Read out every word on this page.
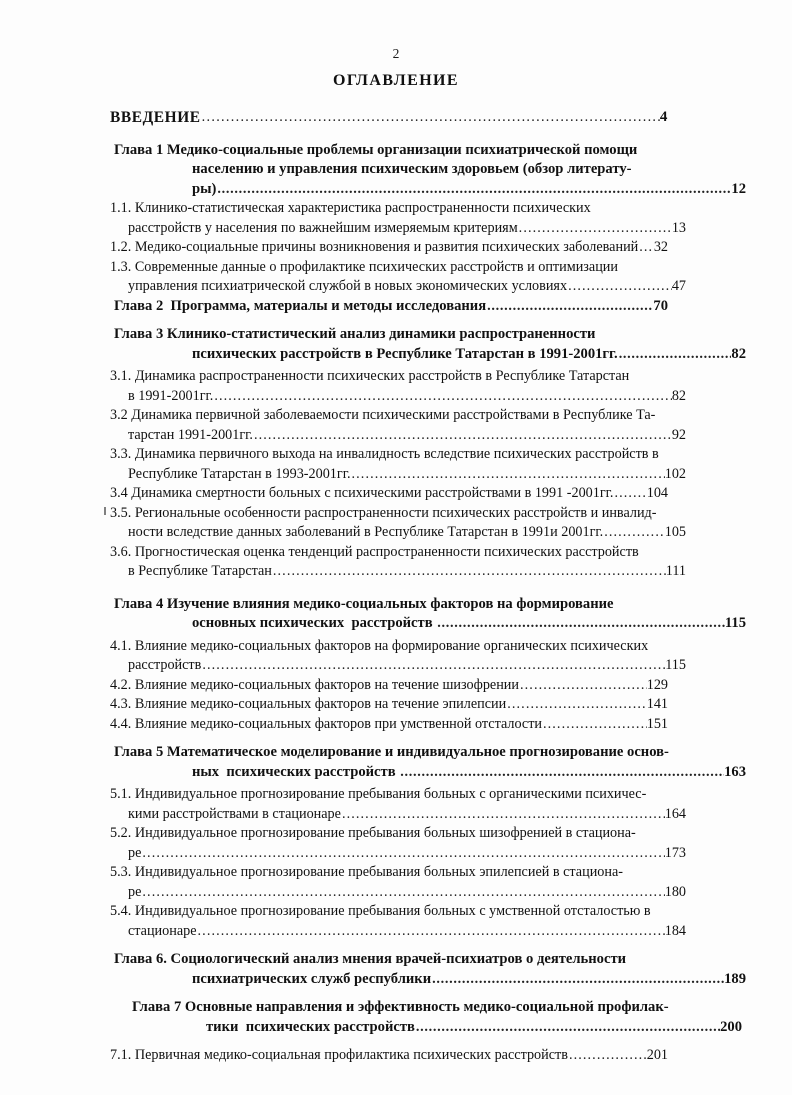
2
ОГЛАВЛЕНИЕ
ВВЕДЕНИЕ .....	4
Глава 1 Медико-социальные проблемы организации психиатрической помощи
населению и управления психическим здоровьем (обзор литерату-
ры) .....	12
1.1. Клинико-статистическая характеристика распространенности психических
расстройств у населения по важнейшим измеряемым критериям .....	13
1.2. Медико-социальные причины возникновения и развития психических заболеваний ..... 32
1.3. Современные данные о профилактике психических расстройств и оптимизации
управления психиатрической службой в новых экономических условиях .....	47
Глава 2  Программа, материалы и методы исследования .....	70
Глава 3 Клинико-статистический анализ динамики распространенности
психических расстройств в Республике Татарстан в 1991-2001гг. .....	82
3.1. Динамика распространенности психических расстройств в Республике Татарстан
в 1991-2001гг. .....	82
3.2 Динамика первичной заболеваемости психическими расстройствами в Республике Та-
тарстан 1991-2001гг. .....	92
3.3. Динамика первичного выхода на инвалидность вследствие психических расстройств в
Республике Татарстан в 1993-2001гг. .....	102
3.4 Динамика смертности больных с психическими расстройствами в 1991 -2001гг. ..... 104
3.5. Региональные особенности распространенности психических расстройств и инвалид-
ности вследствие данных заболеваний в Республике Татарстан в 1991и 2001гг. .....	105
3.6. Прогностическая оценка тенденций распространенности психических расстройств
в Республике Татарстан .....	111
Глава 4 Изучение влияния медико-социальных факторов на формирование
основных психических  расстройств .....	115
4.1. Влияние медико-социальных факторов на формирование органических психических
расстройств .....	115
4.2. Влияние медико-социальных факторов на течение шизофрении .....	129
4.3. Влияние медико-социальных факторов на течение эпилепсии .....	141
4.4. Влияние медико-социальных факторов при умственной отсталости .....	151
Глава 5 Математическое моделирование и индивидуальное прогнозирование основ-
ных  психических расстройств .....	163
5.1. Индивидуальное прогнозирование пребывания больных с органическими психичес-
кими расстройствами в стационаре .....	164
5.2. Индивидуальное прогнозирование пребывания больных шизофренией в стациона-
ре .....	173
5.3. Индивидуальное прогнозирование пребывания больных эпилепсией в стациона-
ре .....	180
5.4. Индивидуальное прогнозирование пребывания больных с умственной отсталостью в
стационаре .....	184
Глава 6. Социологический анализ мнения врачей-психиатров о деятельности
психиатрических служб республики .....	189
Глава 7 Основные направления и эффективность медико-социальной профилак-
тики  психических расстройств .....	200
7.1. Первичная медико-социальная профилактика психических расстройств .....	201
